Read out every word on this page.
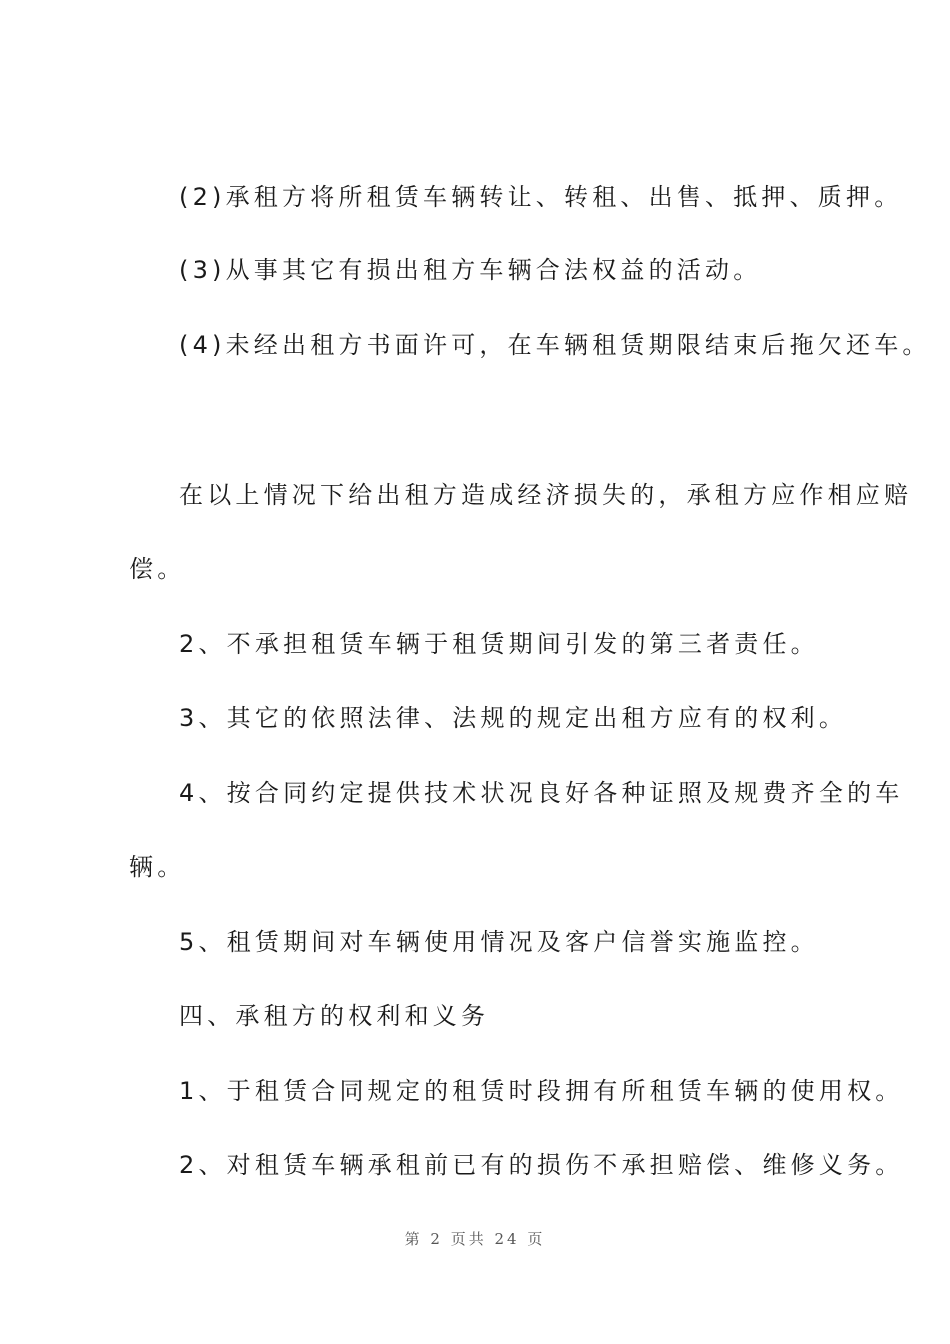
(2)承租方将所租赁车辆转让、转租、出售、抵押、质押。
(3)从事其它有损出租方车辆合法权益的活动。
(4)未经出租方书面许可，在车辆租赁期限结束后拖欠还车。
在以上情况下给出租方造成经济损失的，承租方应作相应赔
偿。
2、不承担租赁车辆于租赁期间引发的第三者责任。
3、其它的依照法律、法规的规定出租方应有的权利。
4、按合同约定提供技术状况良好各种证照及规费齐全的车
辆。
5、租赁期间对车辆使用情况及客户信誉实施监控。
四、承租方的权利和义务
1、于租赁合同规定的租赁时段拥有所租赁车辆的使用权。
2、对租赁车辆承租前已有的损伤不承担赔偿、维修义务。
第 2 页共 24 页
